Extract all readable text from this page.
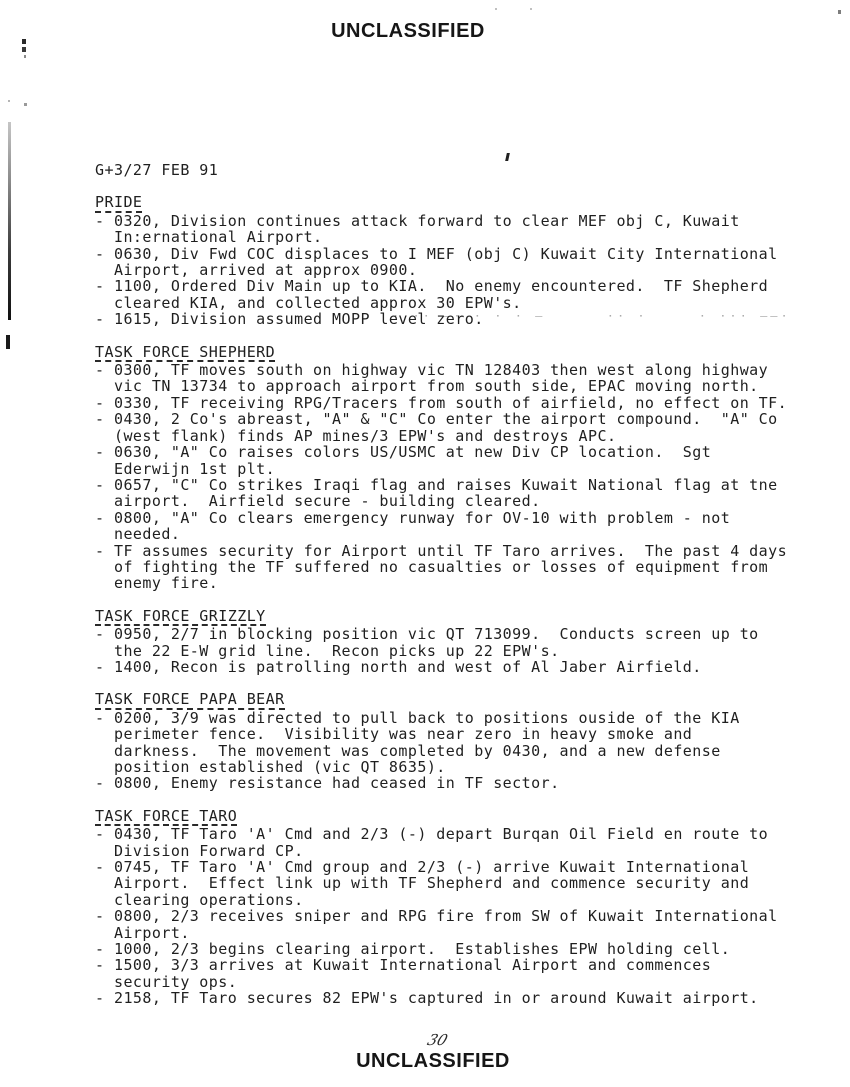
UNCLASSIFIED
· ·· –· · · · –      ·· ·     · ··· ––·
G+3/27 FEB 91
PRIDE
- 0320, Division continues attack forward to clear MEF obj C, Kuwait
In:ernational Airport.
- 0630, Div Fwd COC displaces to I MEF (obj C) Kuwait City International
Airport, arrived at approx 0900.
- 1100, Ordered Div Main up to KIA.  No enemy encountered.  TF Shepherd
cleared KIA, and collected approx 30 EPW's.
- 1615, Division assumed MOPP level zero.
TASK FORCE SHEPHERD
- 0300, TF moves south on highway vic TN 128403 then west along highway
vic TN 13734 to approach airport from south side, EPAC moving north.
- 0330, TF receiving RPG/Tracers from south of airfield, no effect on TF.
- 0430, 2 Co's abreast, "A" & "C" Co enter the airport compound.  "A" Co
(west flank) finds AP mines/3 EPW's and destroys APC.
- 0630, "A" Co raises colors US/USMC at new Div CP location.  Sgt
Ederwijn 1st plt.
- 0657, "C" Co strikes Iraqi flag and raises Kuwait National flag at tne
airport.  Airfield secure - building cleared.
- 0800, "A" Co clears emergency runway for OV-10 with problem - not
needed.
- TF assumes security for Airport until TF Taro arrives.  The past 4 days
of fighting the TF suffered no casualties or losses of equipment from
enemy fire.
TASK FORCE GRIZZLY
- 0950, 2/7 in blocking position vic QT 713099.  Conducts screen up to
the 22 E-W grid line.  Recon picks up 22 EPW's.
- 1400, Recon is patrolling north and west of Al Jaber Airfield.
TASK FORCE PAPA BEAR
- 0200, 3/9 was directed to pull back to positions ouside of the KIA
perimeter fence.  Visibility was near zero in heavy smoke and
darkness.  The movement was completed by 0430, and a new defense
position established (vic QT 8635).
- 0800, Enemy resistance had ceased in TF sector.
TASK FORCE TARO
- 0430, TF Taro 'A' Cmd and 2/3 (-) depart Burqan Oil Field en route to
Division Forward CP.
- 0745, TF Taro 'A' Cmd group and 2/3 (-) arrive Kuwait International
Airport.  Effect link up with TF Shepherd and commence security and
clearing operations.
- 0800, 2/3 receives sniper and RPG fire from SW of Kuwait International
Airport.
- 1000, 2/3 begins clearing airport.  Establishes EPW holding cell.
- 1500, 3/3 arrives at Kuwait International Airport and commences
security ops.
- 2158, TF Taro secures 82 EPW's captured in or around Kuwait airport.
30
UNCLASSIFIED
